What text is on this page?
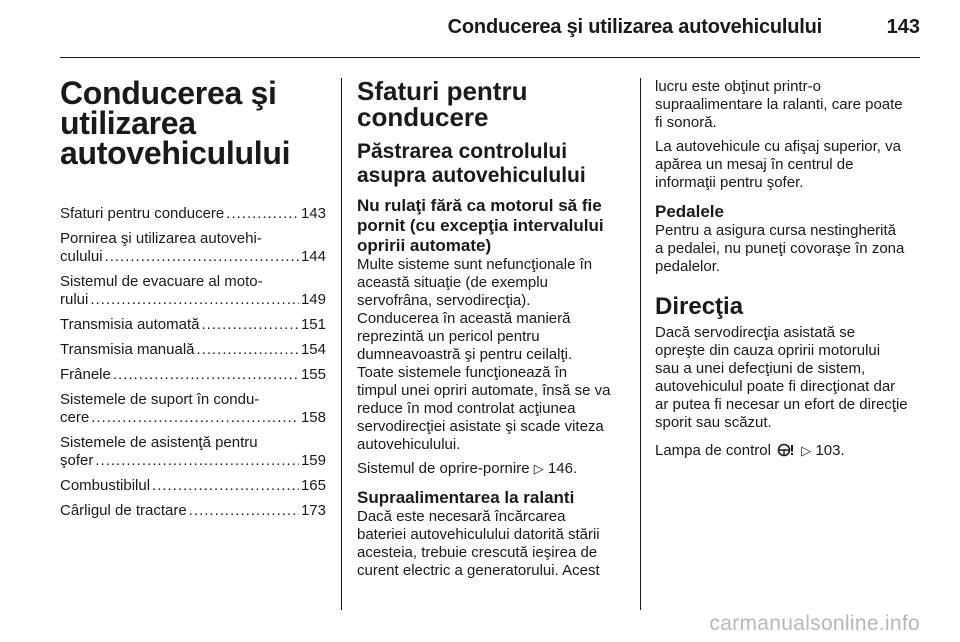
Conducerea şi utilizarea autovehiculului	143
Conducerea şi
utilizarea
autovehiculului
Sfaturi pentru conducere .....	143
Pornirea şi utilizarea autovehi-
culului .....	144
Sistemul de evacuare al moto-
rului .....	149
Transmisia automată .....	151
Transmisia manuală .....	154
Frânele .....	155
Sistemele de suport în condu-
cere .....	158
Sistemele de asistenţă pentru
şofer .....	159
Combustibilul .....	165
Cârligul de tractare .....	173
Sfaturi pentru
conducere
Păstrarea controlului
asupra autovehiculului
Nu rulaţi fără ca motorul să fie
pornit (cu excepţia intervalului
opririi automate)
Multe sisteme sunt nefuncţionale în
această situaţie (de exemplu
servofrâna, servodirecţia).
Conducerea în această manieră
reprezintă un pericol pentru
dumneavoastră şi pentru ceilalţi.
Toate sistemele funcţionează în
timpul unei opriri automate, însă se va
reduce în mod controlat acţiunea
servodirecţiei asistate şi scade viteza
autovehiculului.
Sistemul de oprire-pornire ▷ 146.
Supraalimentarea la ralanti
Dacă este necesară încărcarea
bateriei autovehiculului datorită stării
acesteia, trebuie crescută ieşirea de
curent electric a generatorului. Acest
lucru este obţinut printr-o
supraalimentare la ralanti, care poate
fi sonoră.
La autovehicule cu afişaj superior, va
apărea un mesaj în centrul de
informaţii pentru şofer.
Pedalele
Pentru a asigura cursa nestingherită
a pedalei, nu puneţi covoraşe în zona
pedalelor.
Direcţia
Dacă servodirecţia asistată se
opreşte din cauza opririi motorului
sau a unei defecţiuni de sistem,
autovehiculul poate fi direcţionat dar
ar putea fi necesar un efort de direcţie
sporit sau scăzut.
Lampa de control ▷ 103.
carmanualsonline.info
